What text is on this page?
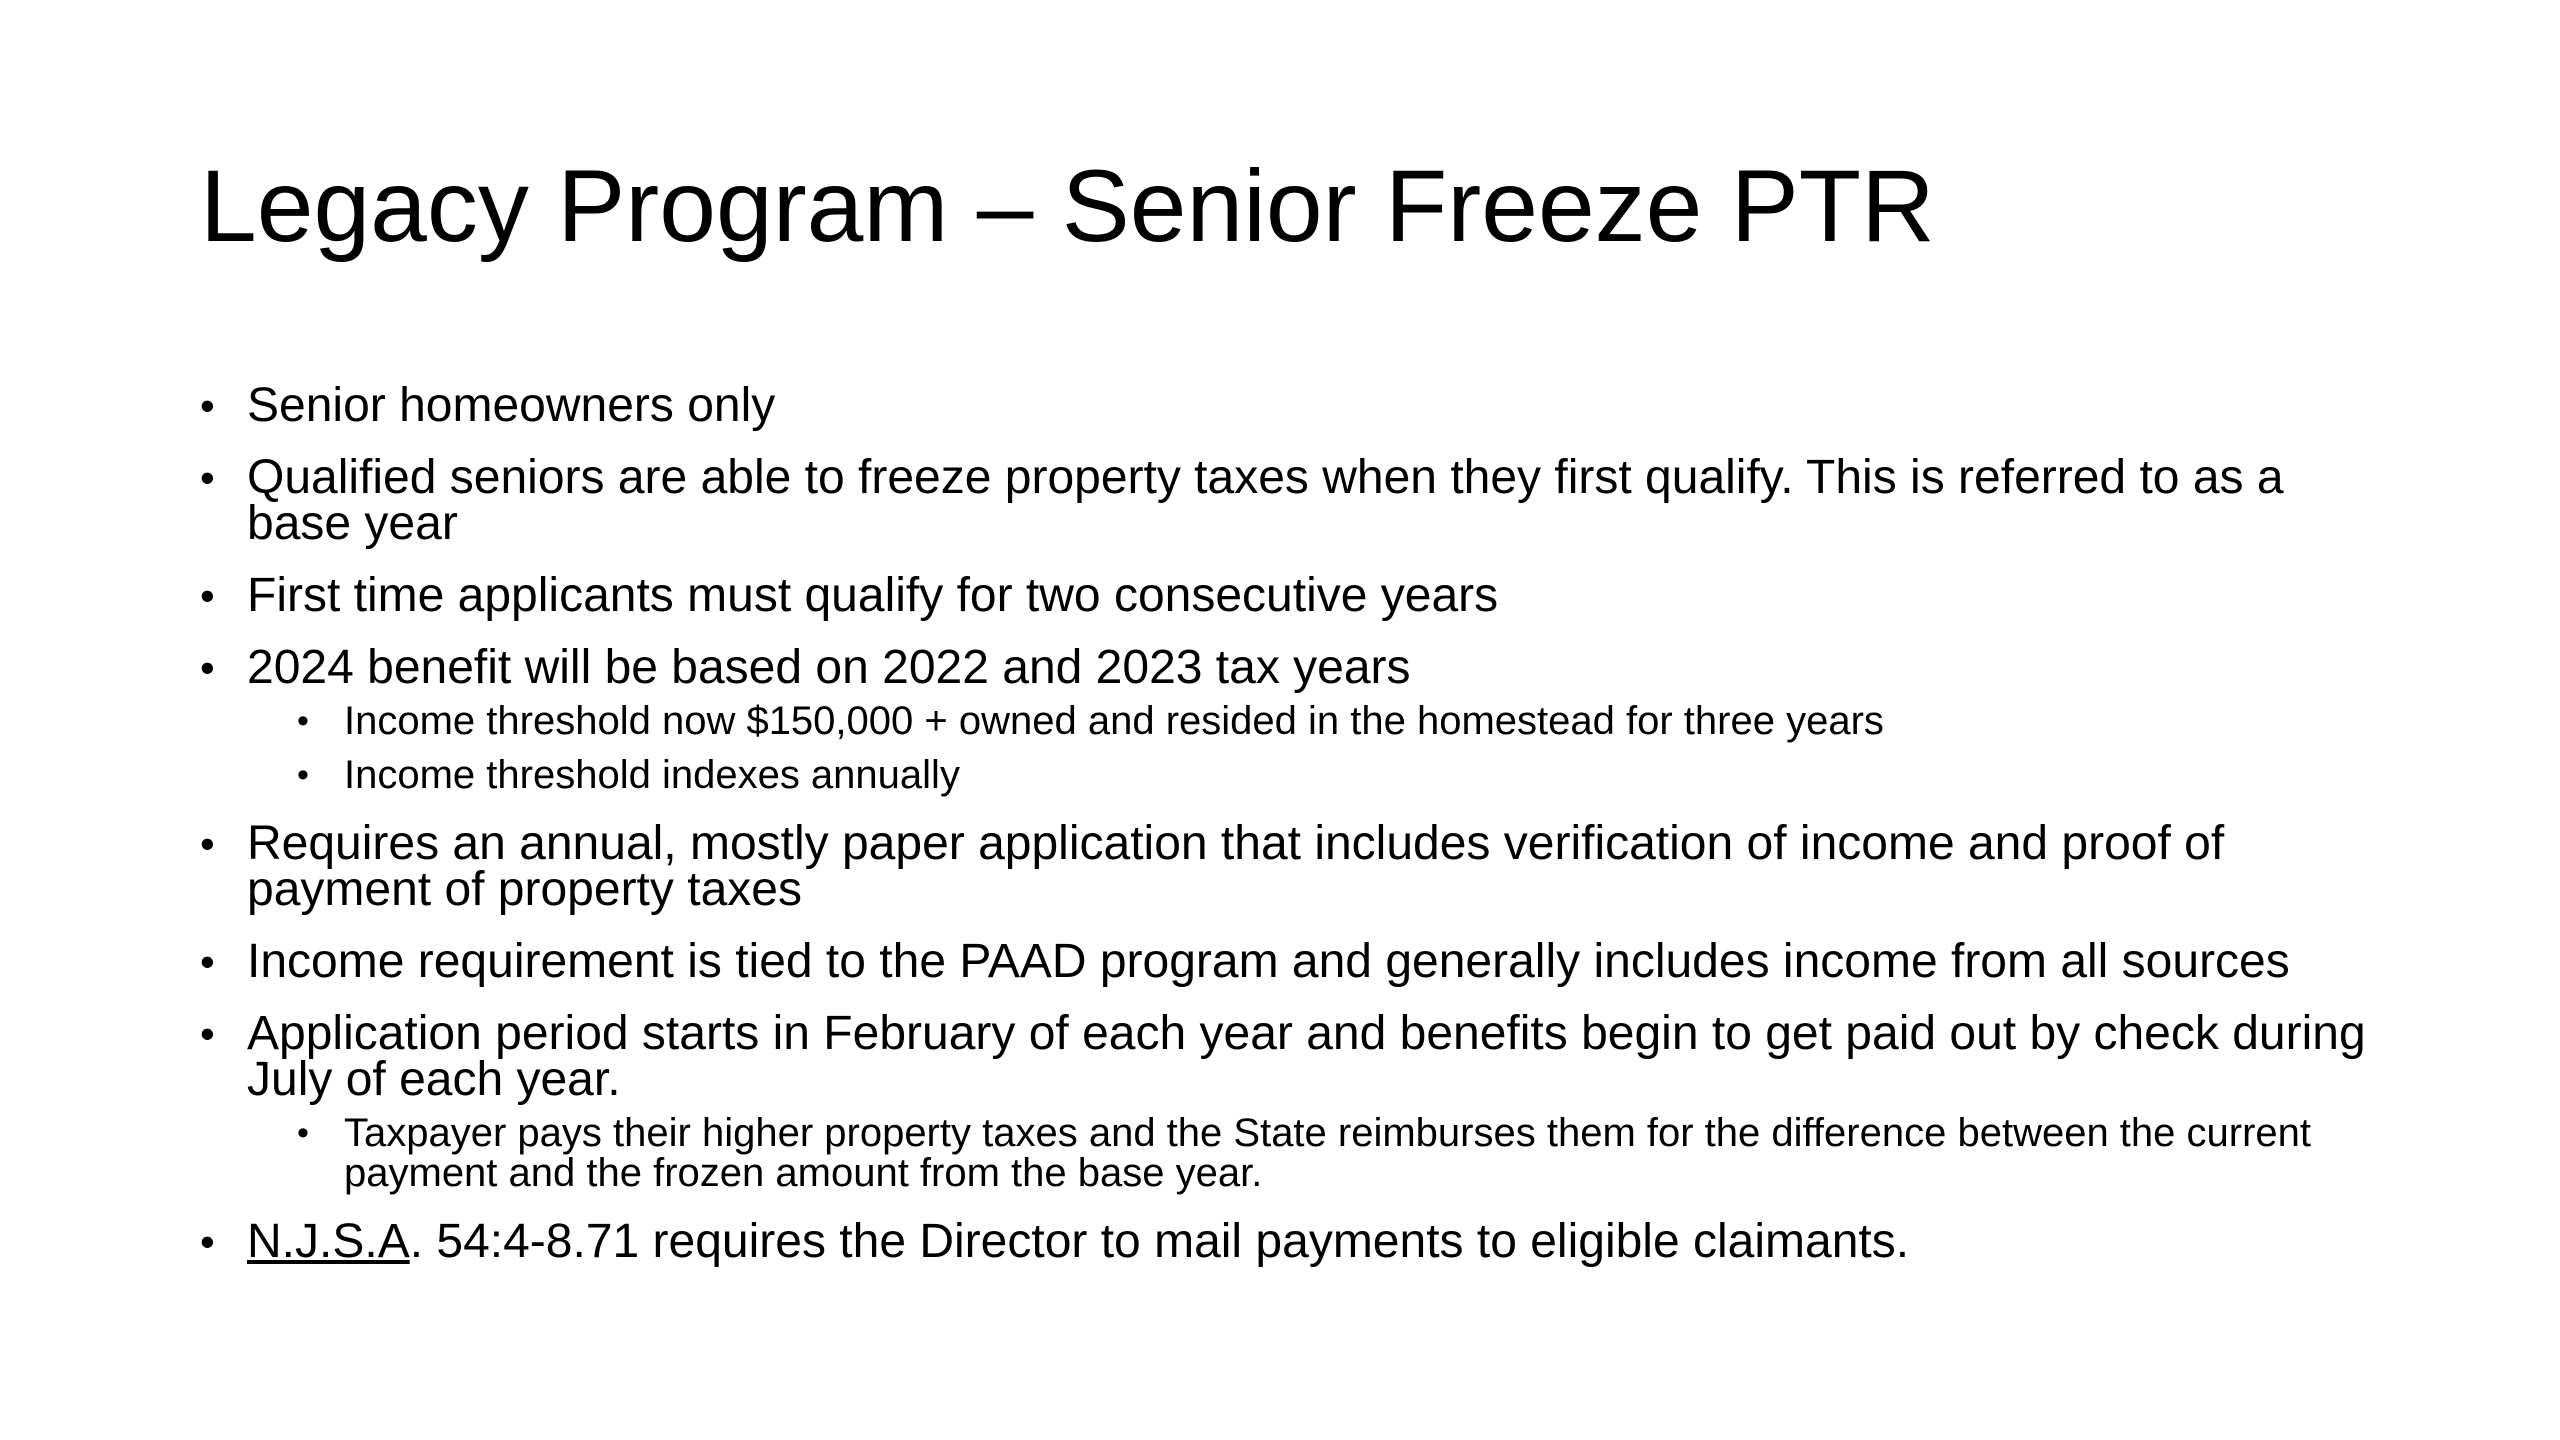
Legacy Program – Senior Freeze PTR
• Senior homeowners only
• Qualified seniors are able to freeze property taxes when they first qualify. This is referred to as a base year
• First time applicants must qualify for two consecutive years
• 2024 benefit will be based on 2022 and 2023 tax years
• Income threshold now $150,000 + owned and resided in the homestead for three years
• Income threshold indexes annually
• Requires an annual, mostly paper application that includes verification of income and proof of payment of property taxes
• Income requirement is tied to the PAAD program and generally includes income from all sources
• Application period starts in February of each year and benefits begin to get paid out by check during July of each year.
• Taxpayer pays their higher property taxes and the State reimburses them for the difference between the current payment and the frozen amount from the base year.
• N.J.S.A. 54:4-8.71 requires the Director to mail payments to eligible claimants.
